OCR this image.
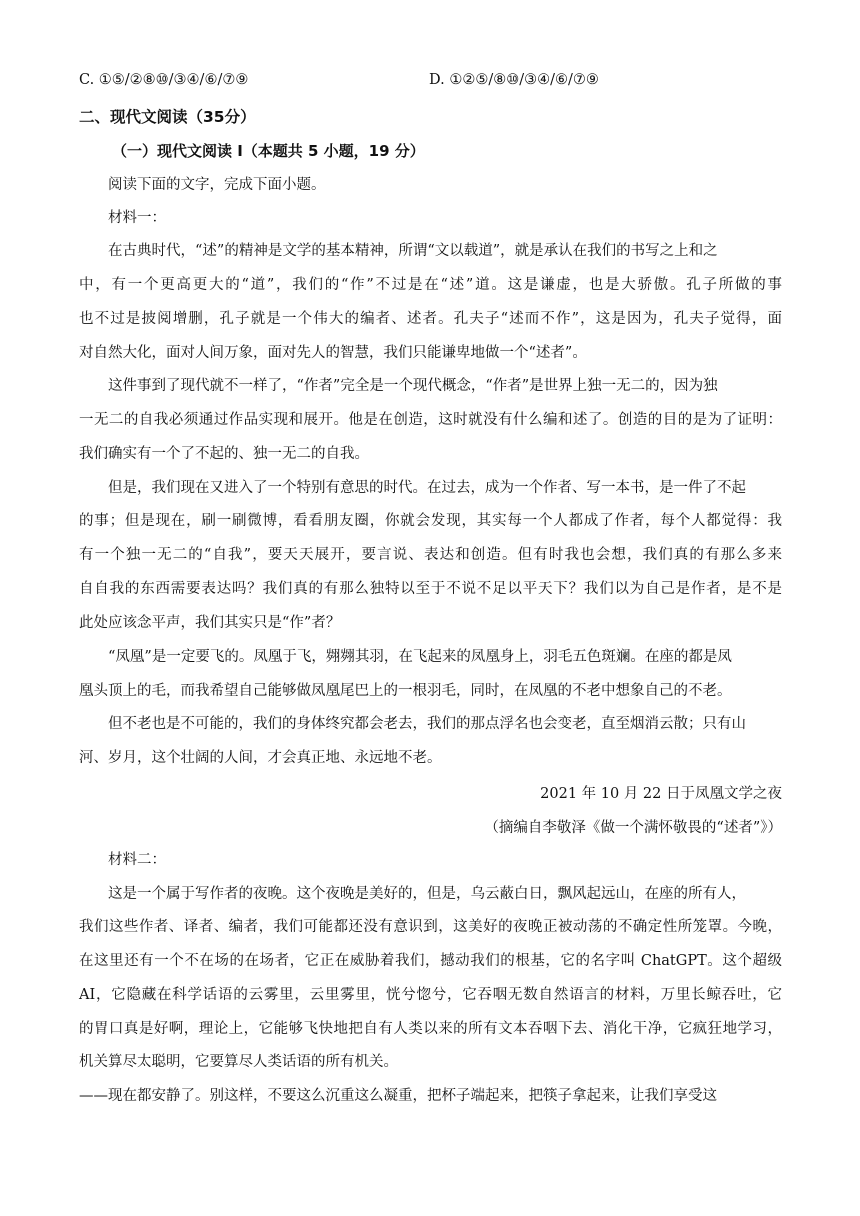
C. ①⑤/②⑧⑩/③④/⑥/⑦⑨	D. ①②⑤/⑧⑩/③④/⑥/⑦⑨
二、现代文阅读（35分）
（一）现代文阅读 I（本题共 5 小题，19 分）
阅读下面的文字，完成下面小题。
材料一：
在古典时代，“述”的精神是文学的基本精神，所谓“文以载道”，就是承认在我们的书写之上和之
中，有一个更高更大的“道”，我们的“作”不过是在“述”道。这是谦虚，也是大骄傲。孔子所做的事
也不过是披阅增删，孔子就是一个伟大的编者、述者。孔夫子“述而不作”，这是因为，孔夫子觉得，面
对自然大化，面对人间万象，面对先人的智慧，我们只能谦卑地做一个“述者”。
这件事到了现代就不一样了，“作者”完全是一个现代概念，“作者”是世界上独一无二的，因为独
一无二的自我必须通过作品实现和展开。他是在创造，这时就没有什么编和述了。创造的目的是为了证明：
我们确实有一个了不起的、独一无二的自我。
但是，我们现在又进入了一个特别有意思的时代。在过去，成为一个作者、写一本书，是一件了不起
的事；但是现在，刷一刷微博，看看朋友圈，你就会发现，其实每一个人都成了作者，每个人都觉得：我
有一个独一无二的“自我”，要天天展开，要言说、表达和创造。但有时我也会想，我们真的有那么多来
自自我的东西需要表达吗？我们真的有那么独特以至于不说不足以平天下？我们以为自己是作者，是不是
此处应该念平声，我们其实只是“作”者？
“凤凰”是一定要飞的。凤凰于飞，翙翙其羽，在飞起来的凤凰身上，羽毛五色斑斓。在座的都是凤
凰头顶上的毛，而我希望自己能够做凤凰尾巴上的一根羽毛，同时，在凤凰的不老中想象自己的不老。
但不老也是不可能的，我们的身体终究都会老去，我们的那点浮名也会变老，直至烟消云散；只有山
河、岁月，这个壮阔的人间，才会真正地、永远地不老。
2021 年 10 月 22 日于凤凰文学之夜
（摘编自李敬泽《做一个满怀敬畏的“述者”》）
材料二：
这是一个属于写作者的夜晚。这个夜晚是美好的，但是，乌云蔽白日，飘风起远山，在座的所有人，
我们这些作者、译者、编者，我们可能都还没有意识到，这美好的夜晚正被动荡的不确定性所笼罩。今晚，
在这里还有一个不在场的在场者，它正在威胁着我们，撼动我们的根基，它的名字叫 ChatGPT。这个超级
AI，它隐藏在科学话语的云雾里，云里雾里，恍兮惚兮，它吞咽无数自然语言的材料，万里长鲸吞吐，它
的胃口真是好啊，理论上，它能够飞快地把自有人类以来的所有文本吞咽下去、消化干净，它疯狂地学习，
机关算尽太聪明，它要算尽人类话语的所有机关。
——现在都安静了。别这样，不要这么沉重这么凝重，把杯子端起来，把筷子拿起来，让我们享受这
